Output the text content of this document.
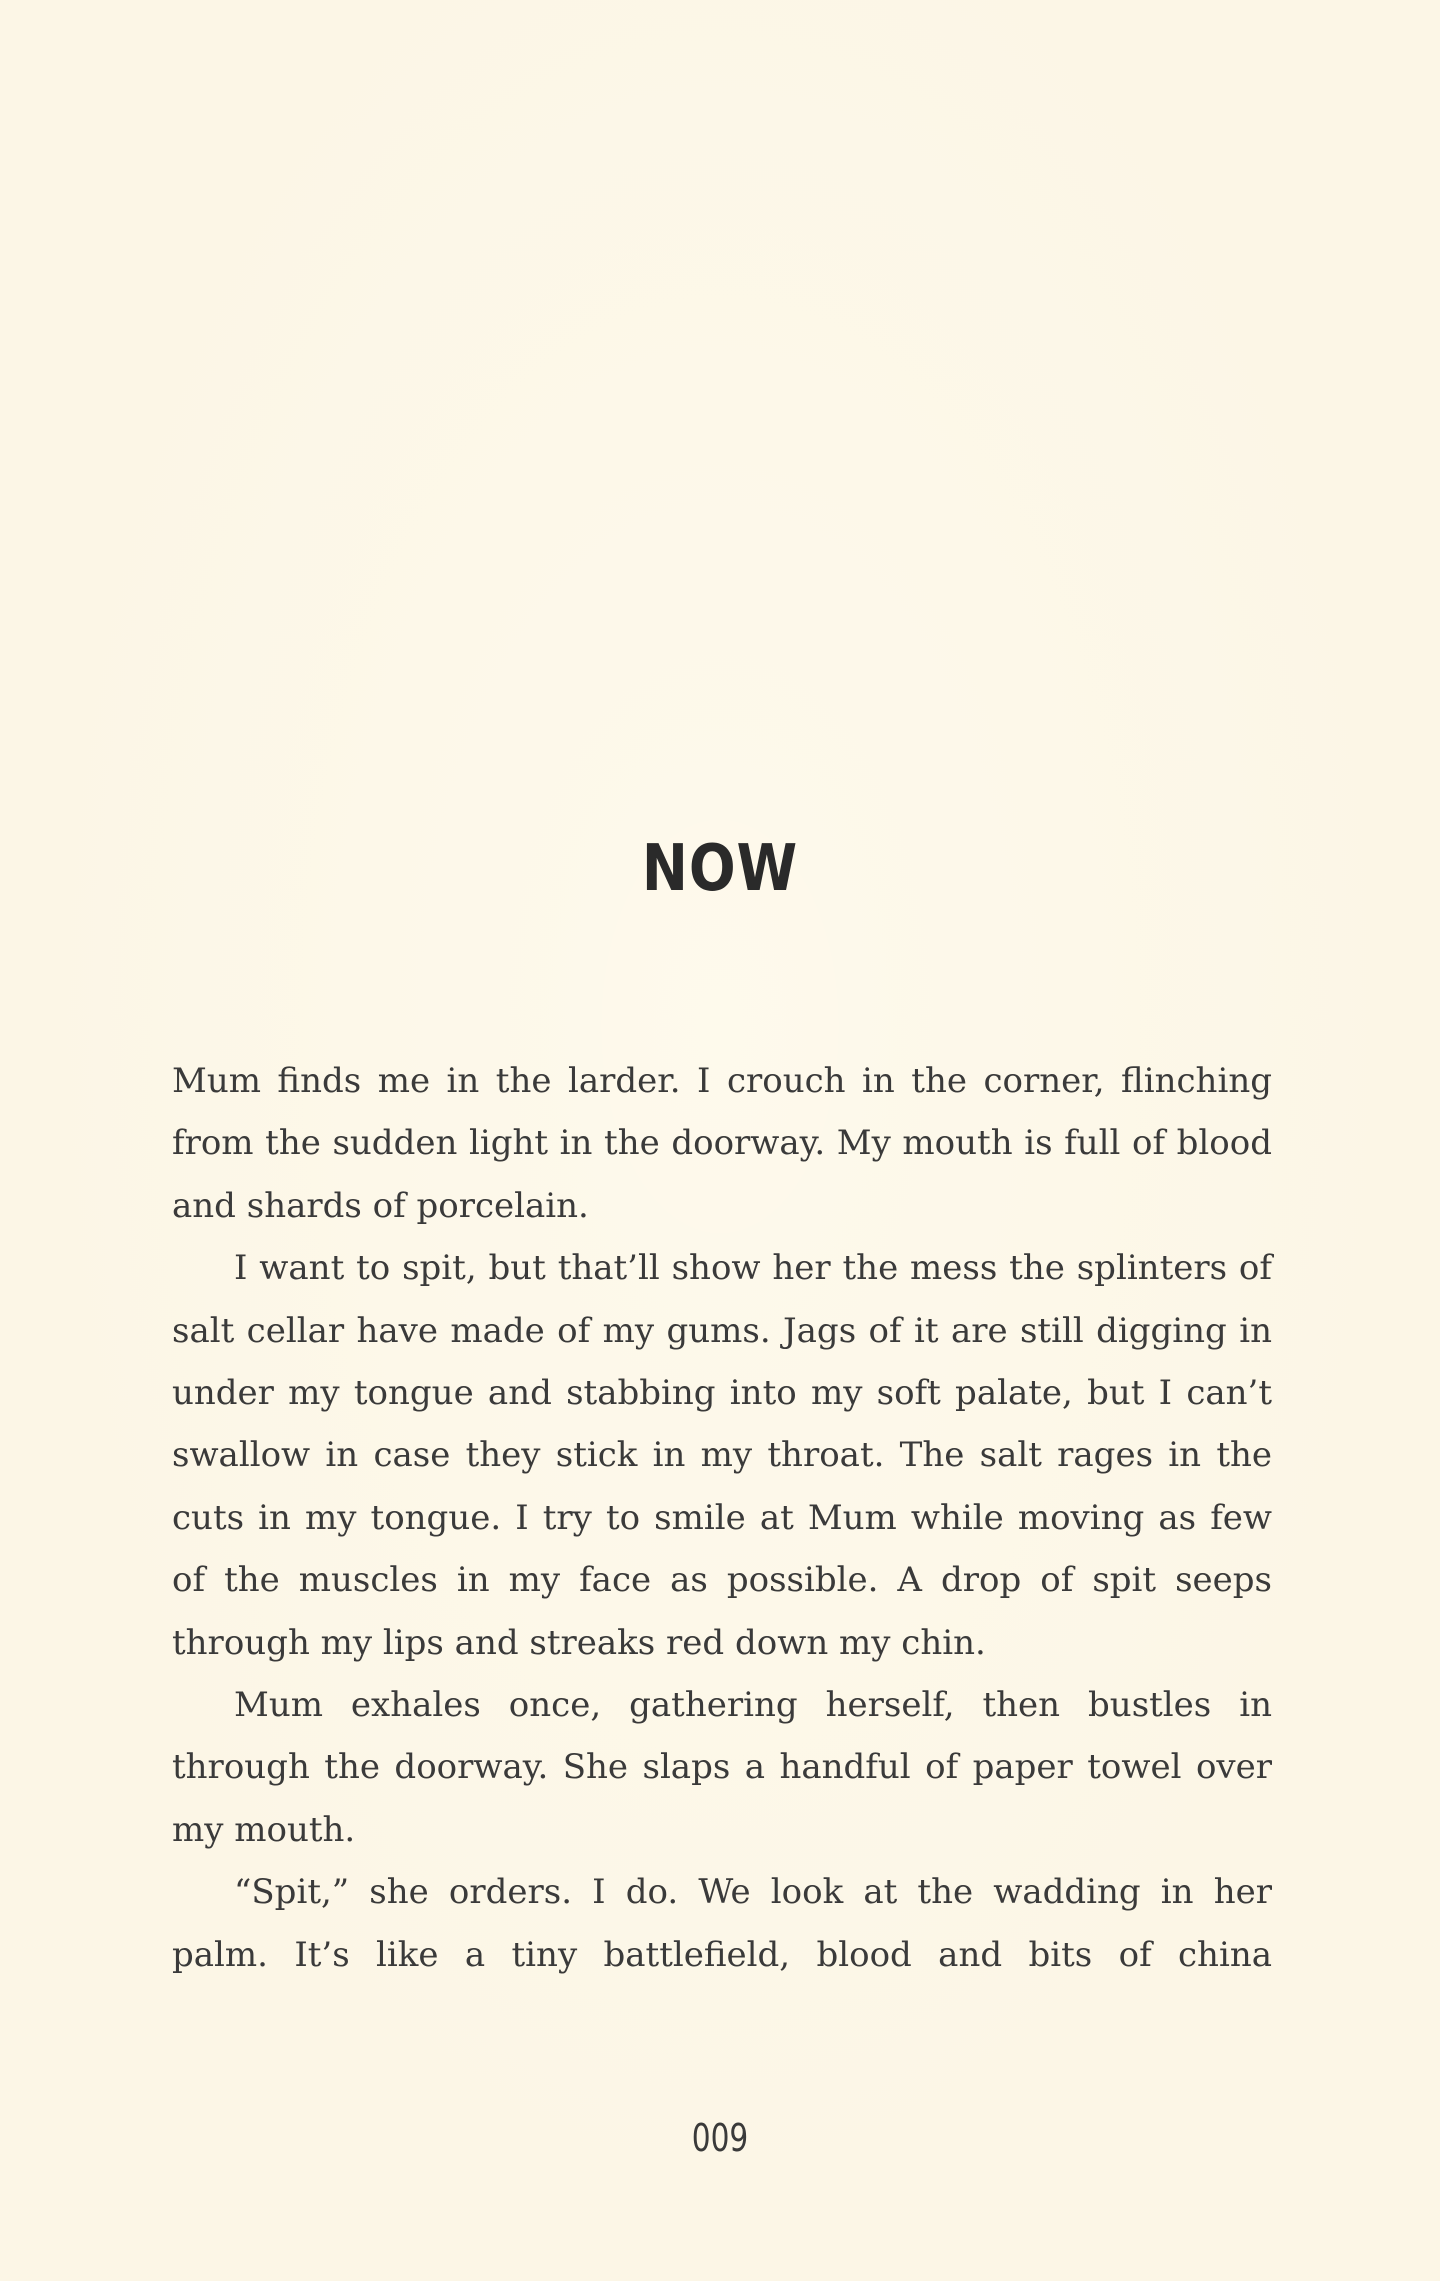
NOW

Mum finds me in the larder. I crouch in the corner, flinching from the sudden light in the doorway. My mouth is full of blood and shards of porcelain.

I want to spit, but that’ll show her the mess the splinters of salt cellar have made of my gums. Jags of it are still digging in under my tongue and stabbing into my soft palate, but I can’t swallow in case they stick in my throat. The salt rages in the cuts in my tongue. I try to smile at Mum while moving as few of the muscles in my face as possible. A drop of spit seeps through my lips and streaks red down my chin.

Mum exhales once, gathering herself, then bustles in through the doorway. She slaps a handful of paper towel over my mouth.

“Spit,” she orders. I do. We look at the wadding in her palm. It’s like a tiny battlefield, blood and bits of china

009
